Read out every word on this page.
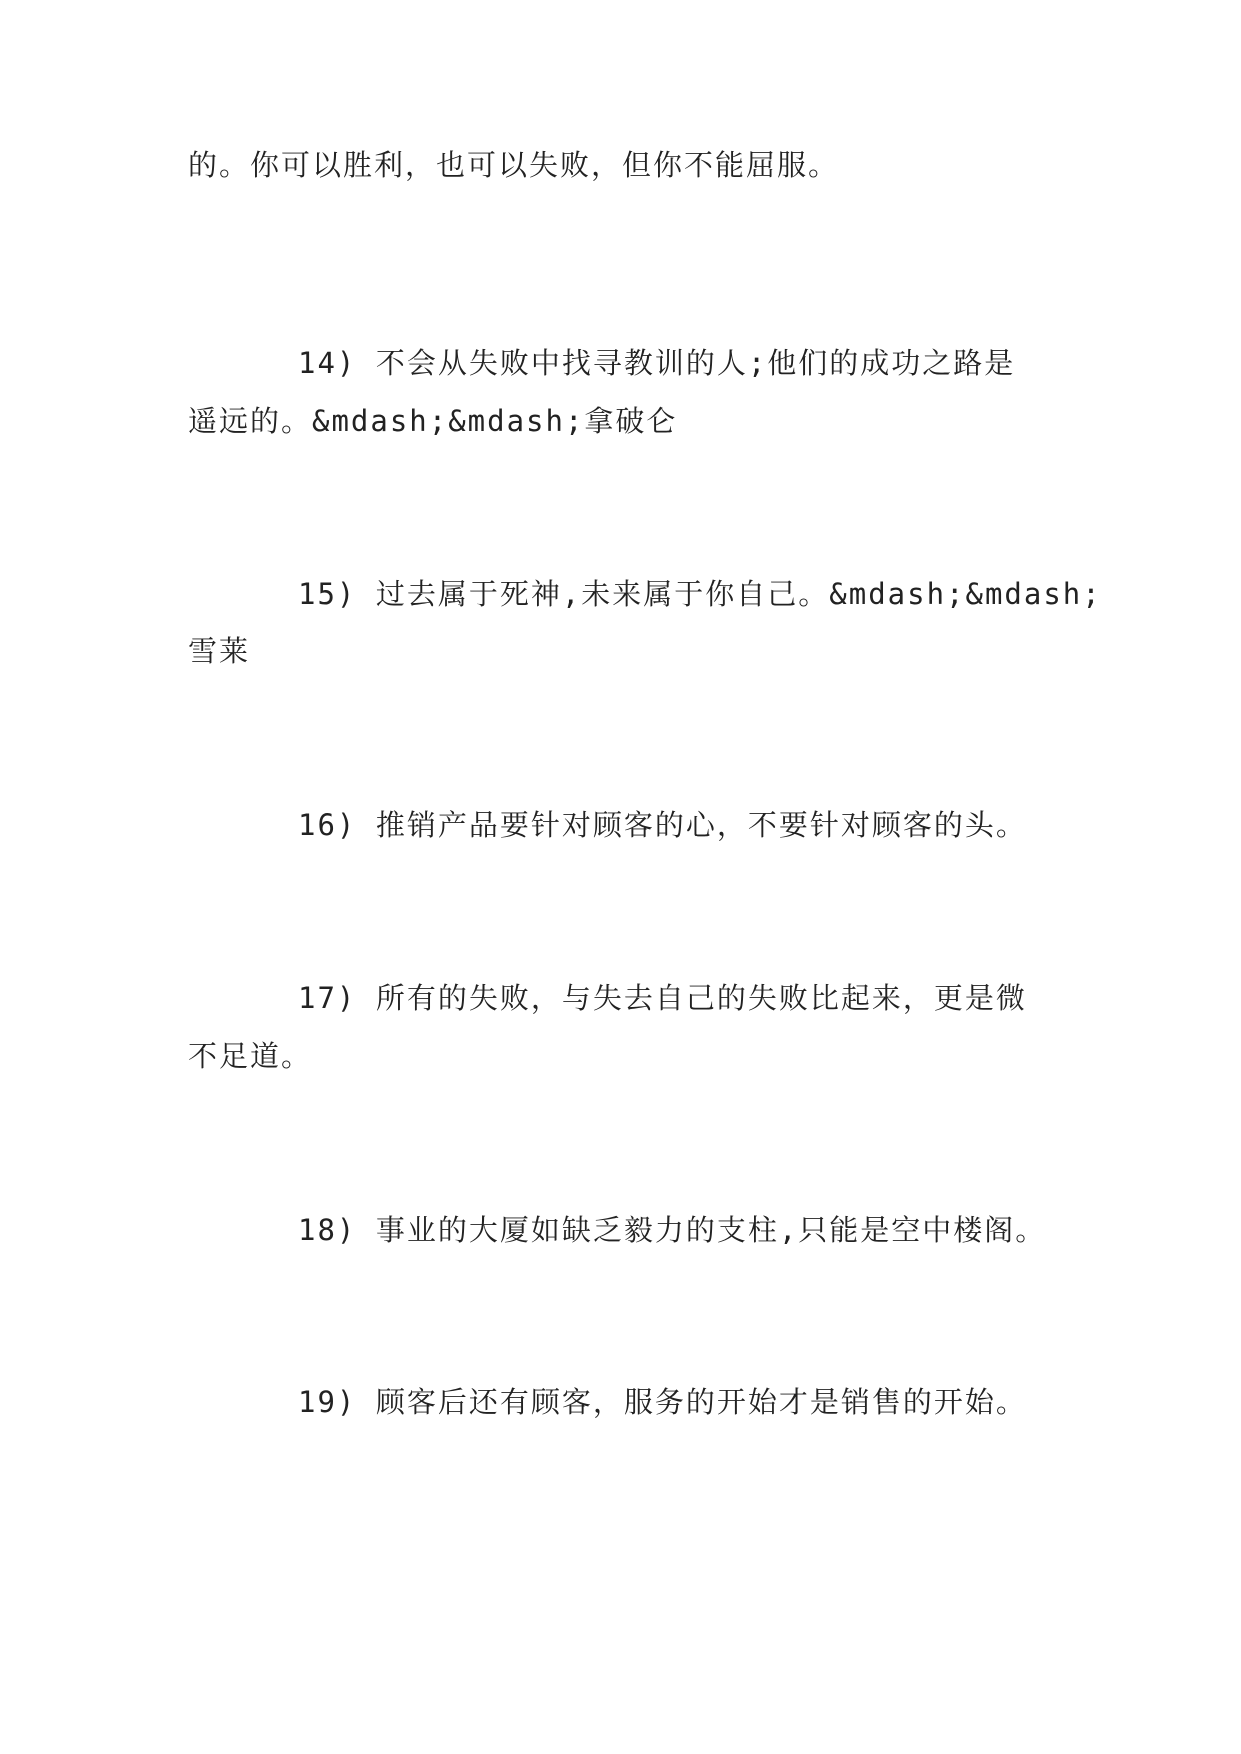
的。你可以胜利，也可以失败，但你不能屈服。
14) 不会从失败中找寻教训的人;他们的成功之路是
遥远的。&mdash;&mdash;拿破仑
15) 过去属于死神,未来属于你自己。&mdash;&mdash;
雪莱
16) 推销产品要针对顾客的心，不要针对顾客的头。
17) 所有的失败，与失去自己的失败比起来，更是微
不足道。
18) 事业的大厦如缺乏毅力的支柱,只能是空中楼阁。
19) 顾客后还有顾客，服务的开始才是销售的开始。
